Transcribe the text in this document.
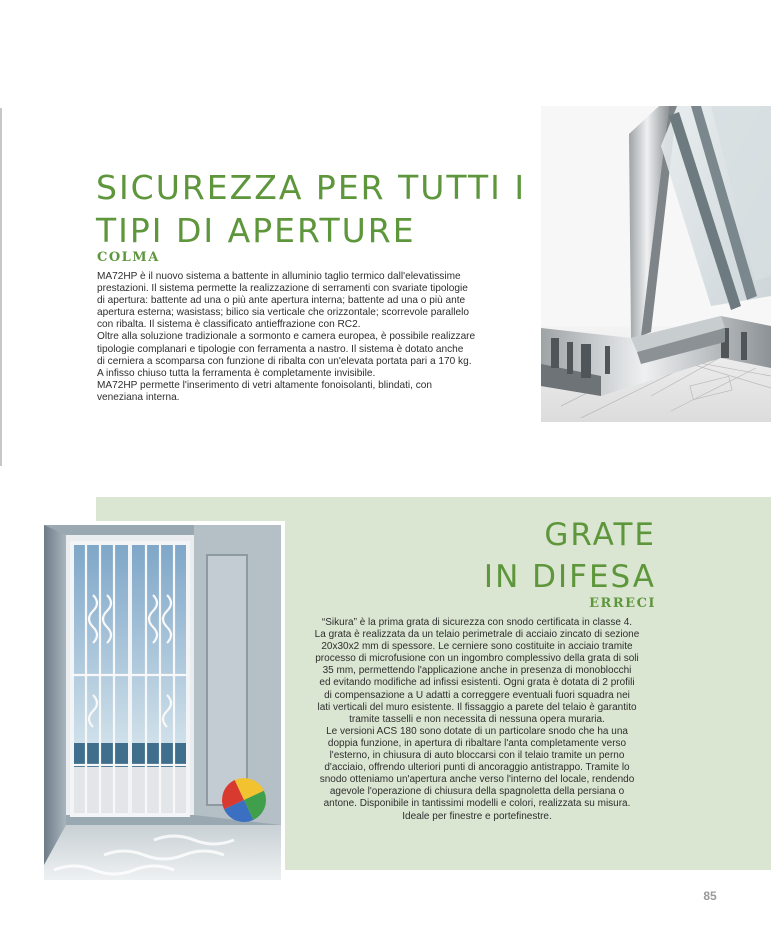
SICUREZZA PER TUTTI I
TIPI DI APERTURE
COLMA

MA72HP è il nuovo sistema a battente in alluminio taglio termico dall'elevatissime

prestazioni. Il sistema permette la realizzazione di serramenti con svariate tipologie

di apertura: battente ad una o più ante apertura interna; battente ad una o più ante

apertura esterna; wasistass; bilico sia verticale che orizzontale; scorrevole parallelo

con ribalta. Il sistema è classificato antieffrazione con RC2.

Oltre alla soluzione tradizionale a sormonto e camera europea, è possibile realizzare

tipologie complanari e tipologie con ferramenta a nastro. Il sistema è dotato anche

di cerniera a scomparsa con funzione di ribalta con un'elevata portata pari a 170 kg.

A infisso chiuso tutta la ferramenta è completamente invisibile.

MA72HP permette l'inserimento di vetri altamente fonoisolanti, blindati, con

veneziana interna.

GRATE
IN DIFESA
ERRECI

“Sikura” è la prima grata di sicurezza con snodo certificata in classe 4.

La grata è realizzata da un telaio perimetrale di acciaio zincato di sezione

20x30x2 mm di spessore. Le cerniere sono costituite in acciaio tramite

processo di microfusione con un ingombro complessivo della grata di soli

35 mm, permettendo l'applicazione anche in presenza di monoblocchi

ed evitando modifiche ad infissi esistenti. Ogni grata è dotata di 2 profili

di compensazione a U adatti a correggere eventuali fuori squadra nei

lati verticali del muro esistente. Il fissaggio a parete del telaio è garantito

tramite tasselli e non necessita di nessuna opera muraria.

Le versioni ACS 180 sono dotate di un particolare snodo che ha una

doppia funzione, in apertura di ribaltare l'anta completamente verso

l'esterno, in chiusura di auto bloccarsi con il telaio tramite un perno

d'acciaio, offrendo ulteriori punti di ancoraggio antistrappo. Tramite lo

snodo otteniamo un'apertura anche verso l'interno del locale, rendendo

agevole l'operazione di chiusura della spagnoletta della persiana o

antone. Disponibile in tantissimi modelli e colori, realizzata su misura.

Ideale per finestre e portefinestre.

85
